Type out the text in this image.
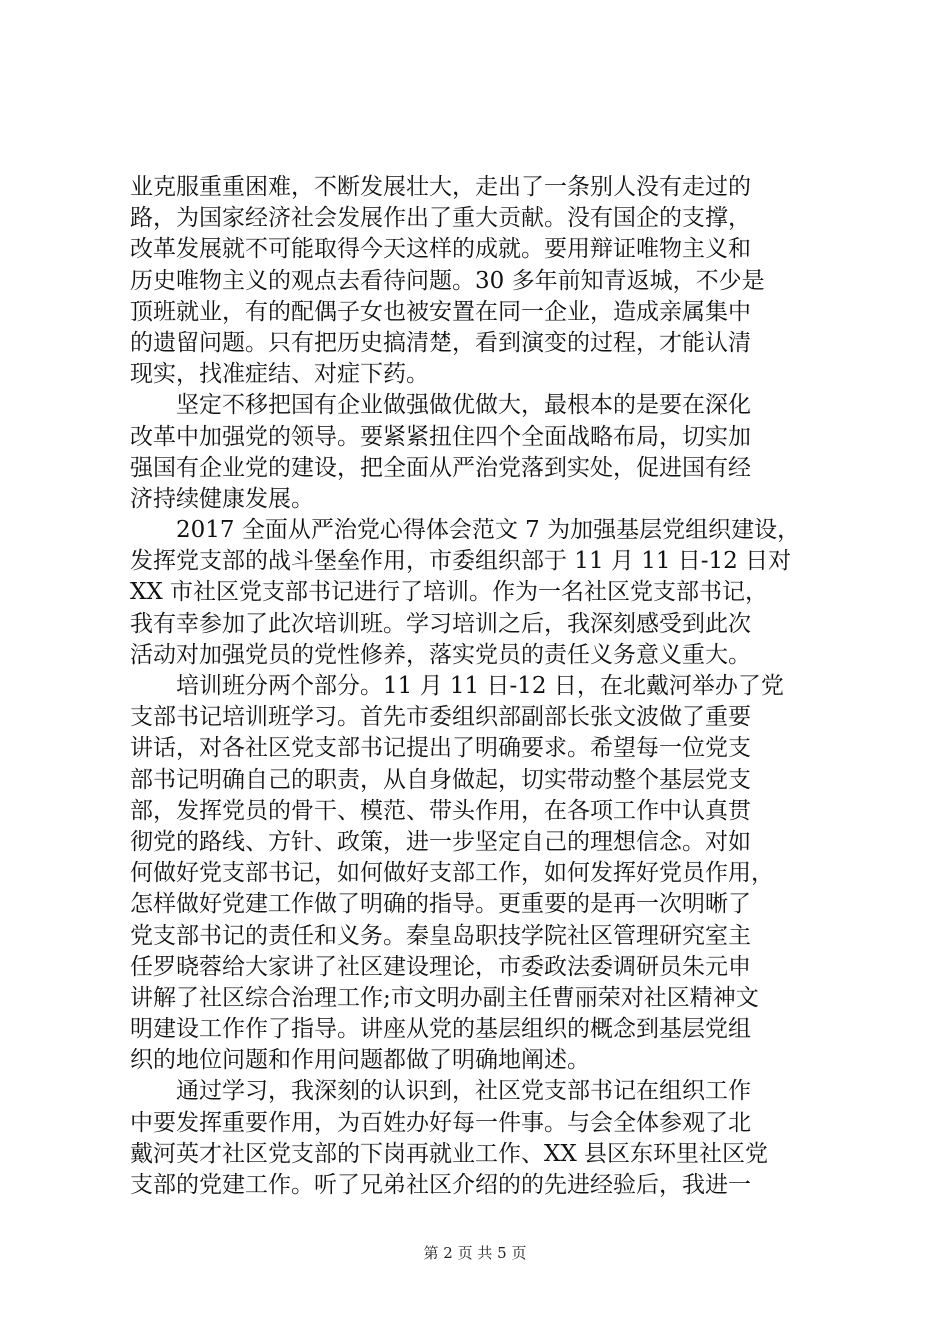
业克服重重困难，不断发展壮大，走出了一条别人没有走过的
路，为国家经济社会发展作出了重大贡献。没有国企的支撑，
改革发展就不可能取得今天这样的成就。要用辩证唯物主义和
历史唯物主义的观点去看待问题。30 多年前知青返城，不少是
顶班就业，有的配偶子女也被安置在同一企业，造成亲属集中
的遗留问题。只有把历史搞清楚，看到演变的过程，才能认清
现实，找准症结、对症下药。
　　坚定不移把国有企业做强做优做大，最根本的是要在深化
改革中加强党的领导。要紧紧扭住四个全面战略布局，切实加
强国有企业党的建设，把全面从严治党落到实处，促进国有经
济持续健康发展。
　　2017 全面从严治党心得体会范文 7 为加强基层党组织建设，
发挥党支部的战斗堡垒作用，市委组织部于 11 月 11 日-12 日对
XX 市社区党支部书记进行了培训。作为一名社区党支部书记，
我有幸参加了此次培训班。学习培训之后，我深刻感受到此次
活动对加强党员的党性修养，落实党员的责任义务意义重大。
　　培训班分两个部分。11 月 11 日-12 日，在北戴河举办了党
支部书记培训班学习。首先市委组织部副部长张文波做了重要
讲话，对各社区党支部书记提出了明确要求。希望每一位党支
部书记明确自己的职责，从自身做起，切实带动整个基层党支
部，发挥党员的骨干、模范、带头作用，在各项工作中认真贯
彻党的路线、方针、政策，进一步坚定自己的理想信念。对如
何做好党支部书记，如何做好支部工作，如何发挥好党员作用，
怎样做好党建工作做了明确的指导。更重要的是再一次明晰了
党支部书记的责任和义务。秦皇岛职技学院社区管理研究室主
任罗晓蓉给大家讲了社区建设理论，市委政法委调研员朱元申
讲解了社区综合治理工作;市文明办副主任曹丽荣对社区精神文
明建设工作作了指导。讲座从党的基层组织的概念到基层党组
织的地位问题和作用问题都做了明确地阐述。
　　通过学习，我深刻的认识到，社区党支部书记在组织工作
中要发挥重要作用，为百姓办好每一件事。与会全体参观了北
戴河英才社区党支部的下岗再就业工作、XX 县区东环里社区党
支部的党建工作。听了兄弟社区介绍的的先进经验后，我进一
第 2 页 共 5 页
